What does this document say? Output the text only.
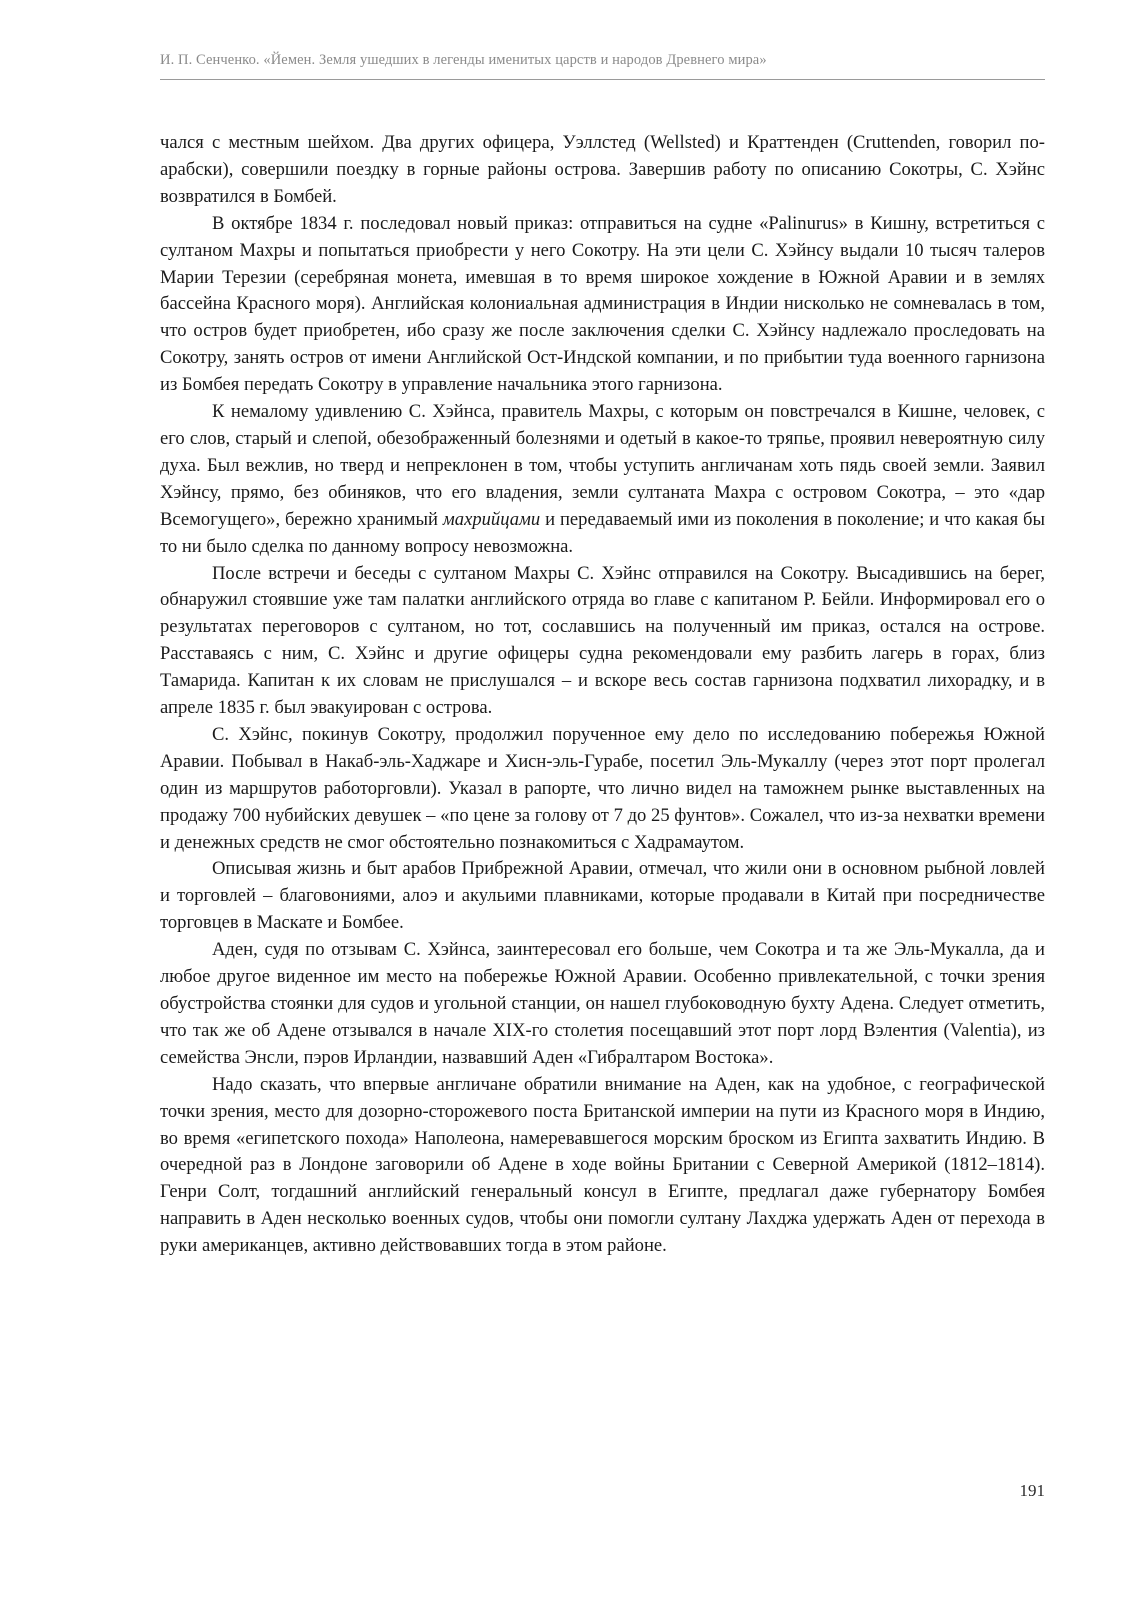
И. П. Сенченко. «Йемен. Земля ушедших в легенды именитых царств и народов Древнего мира»

чался с местным шейхом. Два других офицера, Уэллстед (Wellsted) и Краттенден (Cruttenden, говорил по-арабски), совершили поездку в горные районы острова. Завершив работу по описанию Сокотры, С. Хэйнс возвратился в Бомбей.

В октябре 1834 г. последовал новый приказ: отправиться на судне «Palinurus» в Кишну, встретиться с султаном Махры и попытаться приобрести у него Сокотру. На эти цели С. Хэйнсу выдали 10 тысяч талеров Марии Терезии (серебряная монета, имевшая в то время широкое хождение в Южной Аравии и в землях бассейна Красного моря). Английская колониальная администрация в Индии нисколько не сомневалась в том, что остров будет приобретен, ибо сразу же после заключения сделки С. Хэйнсу надлежало проследовать на Сокотру, занять остров от имени Английской Ост-Индской компании, и по прибытии туда военного гарнизона из Бомбея передать Сокотру в управление начальника этого гарнизона.

К немалому удивлению С. Хэйнса, правитель Махры, с которым он повстречался в Кишне, человек, с его слов, старый и слепой, обезображенный болезнями и одетый в какое-то тряпье, проявил невероятную силу духа. Был вежлив, но тверд и непреклонен в том, чтобы уступить англичанам хоть пядь своей земли. Заявил Хэйнсу, прямо, без обиняков, что его владения, земли султаната Махра с островом Сокотра, – это «дар Всемогущего», бережно хранимый махрийцами и передаваемый ими из поколения в поколение; и что какая бы то ни было сделка по данному вопросу невозможна.

После встречи и беседы с султаном Махры С. Хэйнс отправился на Сокотру. Высадившись на берег, обнаружил стоявшие уже там палатки английского отряда во главе с капитаном Р. Бейли. Информировал его о результатах переговоров с султаном, но тот, сославшись на полученный им приказ, остался на острове. Расставаясь с ним, С. Хэйнс и другие офицеры судна рекомендовали ему разбить лагерь в горах, близ Тамарида. Капитан к их словам не прислушался – и вскоре весь состав гарнизона подхватил лихорадку, и в апреле 1835 г. был эвакуирован с острова.

С. Хэйнс, покинув Сокотру, продолжил порученное ему дело по исследованию побережья Южной Аравии. Побывал в Накаб-эль-Хаджаре и Хисн-эль-Гурабе, посетил Эль-Мукаллу (через этот порт пролегал один из маршрутов работорговли). Указал в рапорте, что лично видел на таможнем рынке выставленных на продажу 700 нубийских девушек – «по цене за голову от 7 до 25 фунтов». Сожалел, что из-за нехватки времени и денежных средств не смог обстоятельно познакомиться с Хадрамаутом.

Описывая жизнь и быт арабов Прибрежной Аравии, отмечал, что жили они в основном рыбной ловлей и торговлей – благовониями, алоэ и акульими плавниками, которые продавали в Китай при посредничестве торговцев в Маскате и Бомбее.

Аден, судя по отзывам С. Хэйнса, заинтересовал его больше, чем Сокотра и та же Эль-Мукалла, да и любое другое виденное им место на побережье Южной Аравии. Особенно привлекательной, с точки зрения обустройства стоянки для судов и угольной станции, он нашел глубоководную бухту Адена. Следует отметить, что так же об Адене отзывался в начале XIX-го столетия посещавший этот порт лорд Вэлентия (Valentia), из семейства Энсли, пэров Ирландии, назвавший Аден «Гибралтаром Востока».

Надо сказать, что впервые англичане обратили внимание на Аден, как на удобное, с географической точки зрения, место для дозорно-сторожевого поста Британской империи на пути из Красного моря в Индию, во время «египетского похода» Наполеона, намеревавшегося морским броском из Египта захватить Индию. В очередной раз в Лондоне заговорили об Адене в ходе войны Британии с Северной Америкой (1812–1814). Генри Солт, тогдашний английский генеральный консул в Египте, предлагал даже губернатору Бомбея направить в Аден несколько военных судов, чтобы они помогли султану Лахджа удержать Аден от перехода в руки американцев, активно действовавших тогда в этом районе.

191
